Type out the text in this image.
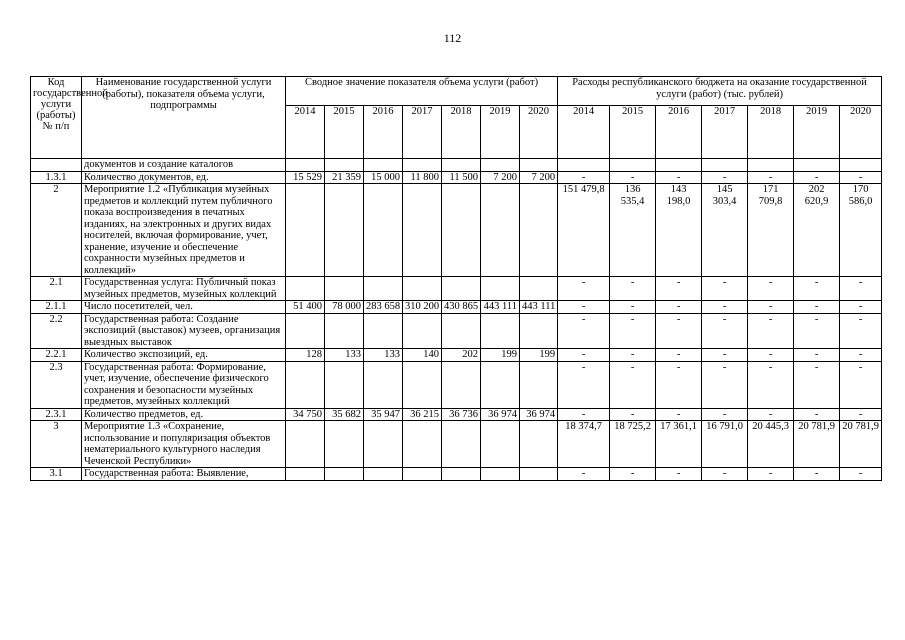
112
Код государственной услуги (работы) № п/п	Наименование государственной услуги (работы), показателя объема услуги, подпрограммы	Сводное значение показателя объема услуги (работ)							Расходы республиканского бюджета на оказание государственной услуги (работ) (тыс. рублей)						
		2014	2015	2016	2017	2018	2019	2020	2014	2015	2016	2017	2018	2019	2020
	документов и создание каталогов														
1.3.1	Количество документов, ед.	15 529	21 359	15 000	11 800	11 500	7 200	7 200	-	-	-	-	-	-	-
2	Мероприятие 1.2 «Публикация музейных предметов и коллекций путем публичного показа воспроизведения в печатных изданиях, на электронных и других видах носителей, включая формирование, учет, хранение, изучение и обеспечение сохранности музейных предметов и коллекций»								151 479,8	136 535,4	143 198,0	145 303,4	171 709,8	202 620,9	170 586,0
2.1	Государственная услуга: Публичный показ музейных предметов, музейных коллекций								-	-	-	-	-	-	-
2.1.1	Число посетителей, чел.	51 400	78 000	283 658	310 200	430 865	443 111	443 111	-	-	-	-	-	-	-
2.2	Государственная работа: Создание экспозиций (выставок) музеев, организация выездных выставок								-	-	-	-	-	-	-
2.2.1	Количество экспозиций, ед.	128	133	133	140	202	199	199	-	-	-	-	-	-	-
2.3	Государственная работа: Формирование, учет, изучение, обеспечение физического сохранения и безопасности музейных предметов, музейных коллекций								-	-	-	-	-	-	-
2.3.1	Количество предметов, ед.	34 750	35 682	35 947	36 215	36 736	36 974	36 974	-	-	-	-	-	-	-
3	Мероприятие 1.3 «Сохранение, использование и популяризация объектов нематериального культурного наследия Чеченской Республики»								18 374,7	18 725,2	17 361,1	16 791,0	20 445,3	20 781,9	20 781,9
3.1	Государственная работа: Выявление,								-	-	-	-	-	-	-
